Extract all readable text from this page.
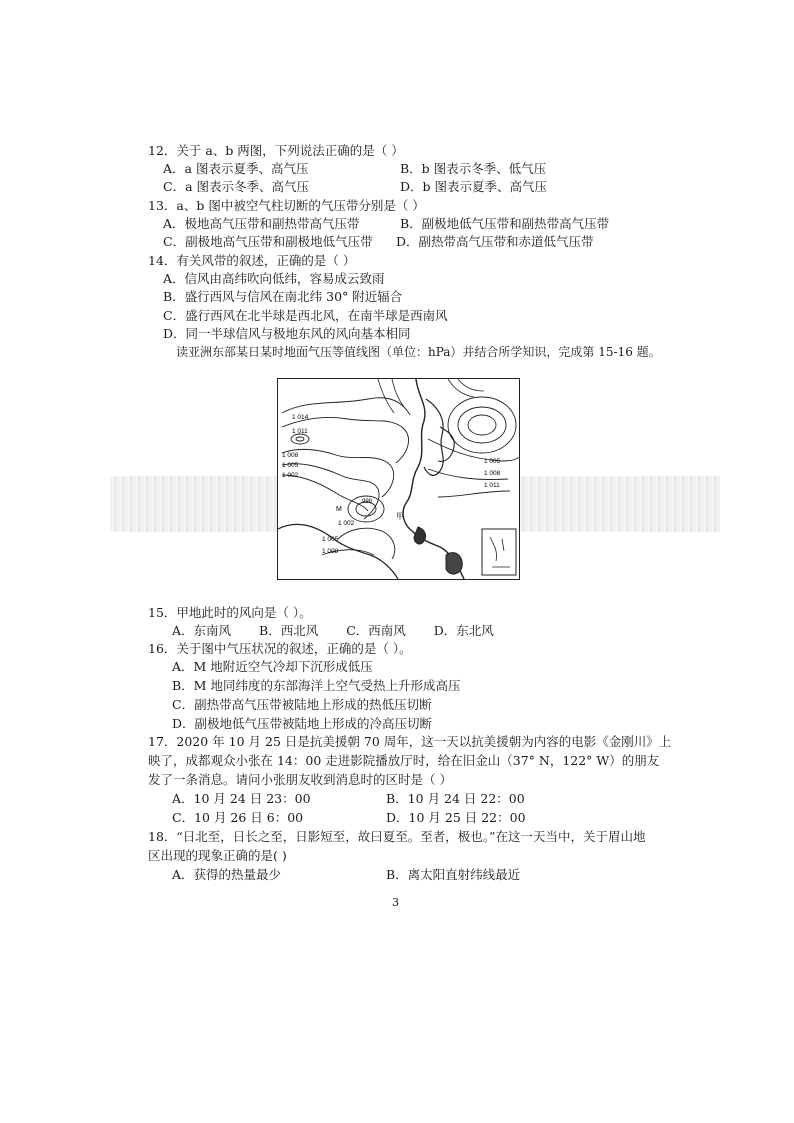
12．关于 a、b 两图，下列说法正确的是（ ）
A．a 图表示夏季、高气压	B．b 图表示冬季、低气压
C．a 图表示冬季、高气压	D．b 图表示夏季、高气压
13．a、b 图中被空气柱切断的气压带分别是（ ）
A．极地高气压带和副热带高气压带	B．副极地低气压带和副热带高气压带
C．副极地高气压带和副极地低气压带 D．副热带高气压带和赤道低气压带
14．有关风带的叙述，正确的是（ ）
A．信风由高纬吹向低纬，容易成云致雨
B．盛行西风与信风在南北纬 30° 附近辐合
C．盛行西风在北半球是西北风，在南半球是西南风
D．同一半球信风与极地东风的风向基本相同
读亚洲东部某日某时地面气压等值线图（单位：hPa）并结合所学知识，完成第 15-16 题。
1 014
1 011
1 008
1 005
1 002
1 005
1 008
1 011
M
999
1 002
1 005
1 008
甲
15．甲地此时的风向是（ ）。
A．东南风 B．西北风 C．西南风 D．东北风
16．关于图中气压状况的叙述，正确的是（ ）。
A．M 地附近空气冷却下沉形成低压
B．M 地同纬度的东部海洋上空气受热上升形成高压
C．副热带高气压带被陆地上形成的热低压切断
D．副极地低气压带被陆地上形成的冷高压切断
17．2020 年 10 月 25 日是抗美援朝 70 周年，这一天以抗美援朝为内容的电影《金刚川》上
映了，成都观众小张在 14：00 走进影院播放厅时，给在旧金山（37° N，122° W）的朋友
发了一条消息。请问小张朋友收到消息时的区时是（ ）
A．10 月 24 日 23：00	B．10 月 24 日 22：00
C．10 月 26 日 6：00	D．10 月 25 日 22：00
18．“日北至，日长之至，日影短至，故曰夏至。至者，极也。”在这一天当中，关于眉山地
区出现的现象正确的是( )
A．获得的热量最少	B．离太阳直射纬线最近
3
